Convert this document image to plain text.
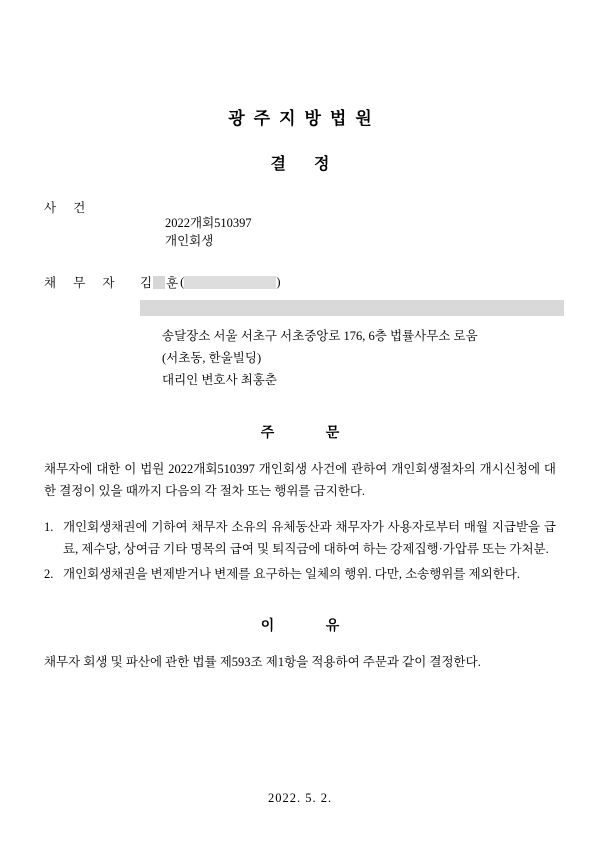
광주지방법원
결정
사 건

2022개회510397
개인회생

채 무 자	김 훈 (	)
송달장소 서울 서초구 서초중앙로 176, 6층 법률사무소 로움
(서초동, 한울빌딩)
대리인 변호사 최홍춘
주 문
채무자에 대한 이 법원 2022개회510397 개인회생 사건에 관하여 개인회생절차의 개시신청에 대한 결정이 있을 때까지 다음의 각 절차 또는 행위를 금지한다.
1. 개인회생채권에 기하여 채무자 소유의 유체동산과 채무자가 사용자로부터 매월 지급받을 급료, 제수당, 상여금 기타 명목의 급여 및 퇴직금에 대하여 하는 강제집행·가압류 또는 가처분.
2. 개인회생채권을 변제받거나 변제를 요구하는 일체의 행위. 다만, 소송행위를 제외한다.
이 유
채무자 회생 및 파산에 관한 법률 제593조 제1항을 적용하여 주문과 같이 결정한다.
2022. 5. 2.
